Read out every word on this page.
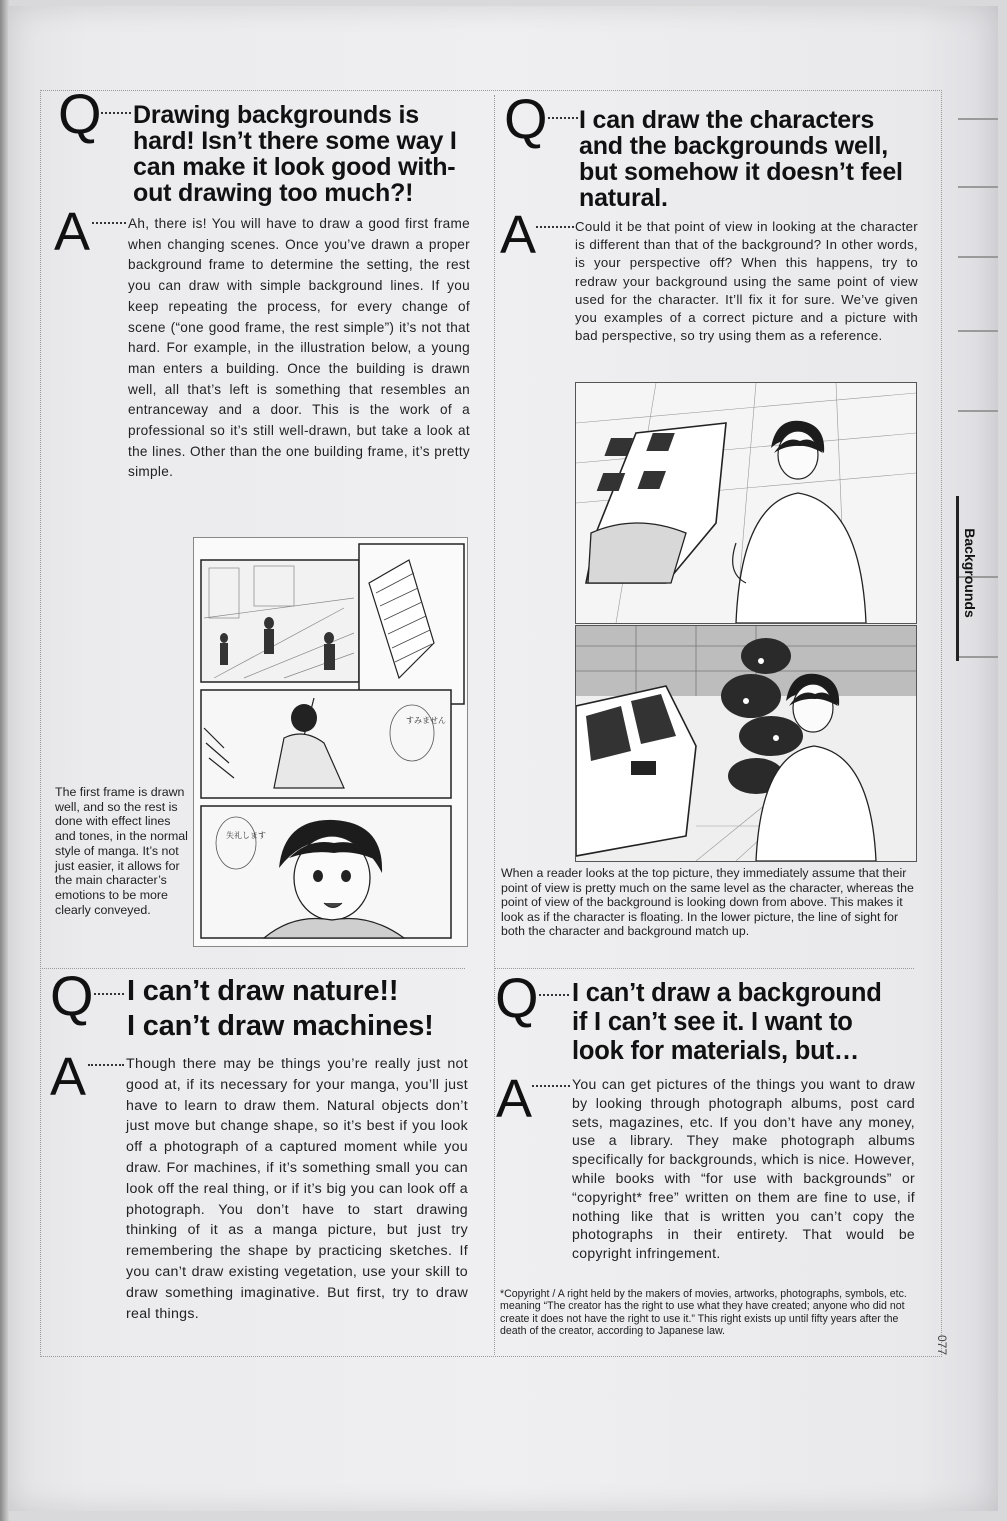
Backgrounds
Q Drawing backgrounds is hard! Isn’t there some way I can make it look good with-out drawing too much?!
A	Ah, there is! You will have to draw a good first frame when changing scenes. Once you’ve drawn a proper background frame to determine the setting, the rest you can draw with simple background lines. If you keep repeating the process, for every change of scene (“one good frame, the rest simple”) it’s not that hard. For example, in the illustration below, a young man enters a building. Once the building is drawn well, all that’s left is something that resembles an entranceway and a door. This is the work of a professional so it’s still well-drawn, but take a look at the lines. Other than the one building frame, it’s pretty simple.
すみません
失礼します
The first frame is drawn well, and so the rest is done with effect lines and tones, in the normal style of manga. It’s not just easier, it allows for the main character’s emotions to be more clearly conveyed.
Q I can draw the characters and the backgrounds well, but somehow it doesn’t feel natural.
A	Could it be that point of view in looking at the character is different than that of the background? In other words, is your perspective off? When this happens, try to redraw your background using the same point of view used for the character. It’ll fix it for sure. We’ve given you examples of a correct picture and a picture with bad perspective, so try using them as a reference.
When a reader looks at the top picture, they immediately assume that their point of view is pretty much on the same level as the character, whereas the point of view of the background is looking down from above. This makes it look as if the character is floating. In the lower picture, the line of sight for both the character and background match up.
Q I can’t draw nature!!
I can’t draw machines!
A	Though there may be things you’re really just not good at, if its necessary for your manga, you’ll just have to learn to draw them. Natural objects don’t just move but change shape, so it’s best if you look off a photograph of a captured moment while you draw. For machines, if it’s something small you can look off the real thing, or if it’s big you can look off a photograph. You don’t have to start drawing thinking of it as a manga picture, but just try remembering the shape by practicing sketches. If you can’t draw existing vegetation, use your skill to draw something imaginative. But first, try to draw real things.
Q I can’t draw a background if I can’t see it. I want to look for materials, but…
A	You can get pictures of the things you want to draw by looking through photograph albums, post card sets, magazines, etc. If you don’t have any money, use a library. They make photograph albums specifically for backgrounds, which is nice. However, while books with “for use with backgrounds” or “copyright* free” written on them are fine to use, if nothing like that is written you can’t copy the photographs in their entirety. That would be copyright infringement.
*Copyright / A right held by the makers of movies, artworks, photographs, symbols, etc. meaning “The creator has the right to use what they have created; anyone who did not create it does not have the right to use it.” This right exists up until fifty years after the death of the creator, according to Japanese law.
077
